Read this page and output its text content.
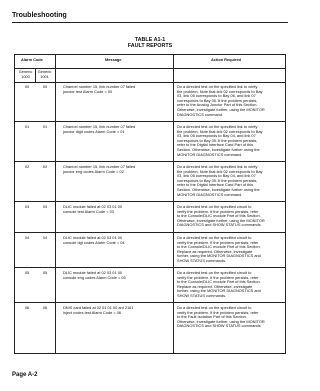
Troubleshooting
TABLE A1-1
FAULT REPORTS
Alarm Code	Message	Action Required
Generic
1000
Generic
1001
00	00	Channel number 15, link number 07 failed
junctor test Alarm Code = 00
Do a directed test on the specified link to verify
the problem. Note that link 02 corresponds to Bay
03, link 05 corresponds to Bay 06, and link 07
corresponds to Bay 05. If the problem persists,
refer to the Analog Junctor Part of this Section.
Otherwise, investigate further, using the MONITOR
DIAGNOSTICS command.
01	01	Channel number 15, link number 07 failed
junctor digit codes Alarm Code = 01
Do a directed test on the specified link to verify
the problem. Note that link 02 corresponds to Bay
03, link 05 corresponds to Bay 04, and link 07
corresponds to Bay 05. If the problem persists,
refer to the Digital Interface Card Part of this
Section. Otherwise, investigate further using the
MONITOR DIAGNOSTICS command.
02	02	Channel number 15, link number 07 failed
junctor eng codes Alarm Code = 02
Do a directed test on the specified link to verify
the problem. Note that link 02 corresponds to Bay
03, link 05 corresponds to Bay 04, and link 07
corresponds to Bay 05. If the problem persists,
refer to the Digital Interface Card Part of this
Section. Otherwise, investigate further using the
MONITOR DIAGNOSTICS command.
03	03	DLIC module failed at 02 03 01 00
console test Alarm Code = 03
Do a directed test on the specified circuit to
verify the problem. If the problem persists, refer
to the Console/DLIC module Part of this Section.
Otherwise, investigate further, using the MONITOR
DIAGNOSTICS and SHOW STATUS commands.
04	04	DLIC module failed at 02 03 01 00
console dgt codes Alarm Code = 04
Do a directed test on the specified circuit to
verify the problem. If the problem persists, refer
to the Console/DLIC module Part of this Section.
Replace as required. Otherwise, investigate
further, using the MONITOR DIAGNOSTICS and
SHOW STATUS commands.
05	05	DLIC module failed at 02 03 01 00
console eng codes Alarm Code = 05
Do a directed test on the specified circuit to
verify the problem. If the problem persists, refer
to the Console/DLIC module Part of this Section.
Replace as required. Otherwise, investigate
further, using the MONITOR DIAGNOSTICS and
SHOW STATUS commands.
06	06	DNIS card failed at 02 01 01 00 ant 2161
inject codes test Alarm Code = 06
Do a directed test on the specified circuit to
verify the problem. If the problem persists, refer
to the Fault Isolation Part of this Section.
Otherwise, investigate further, using the MONITOR
DIAGNOSTICS and SHOW STATUS commands.
Page A-2
